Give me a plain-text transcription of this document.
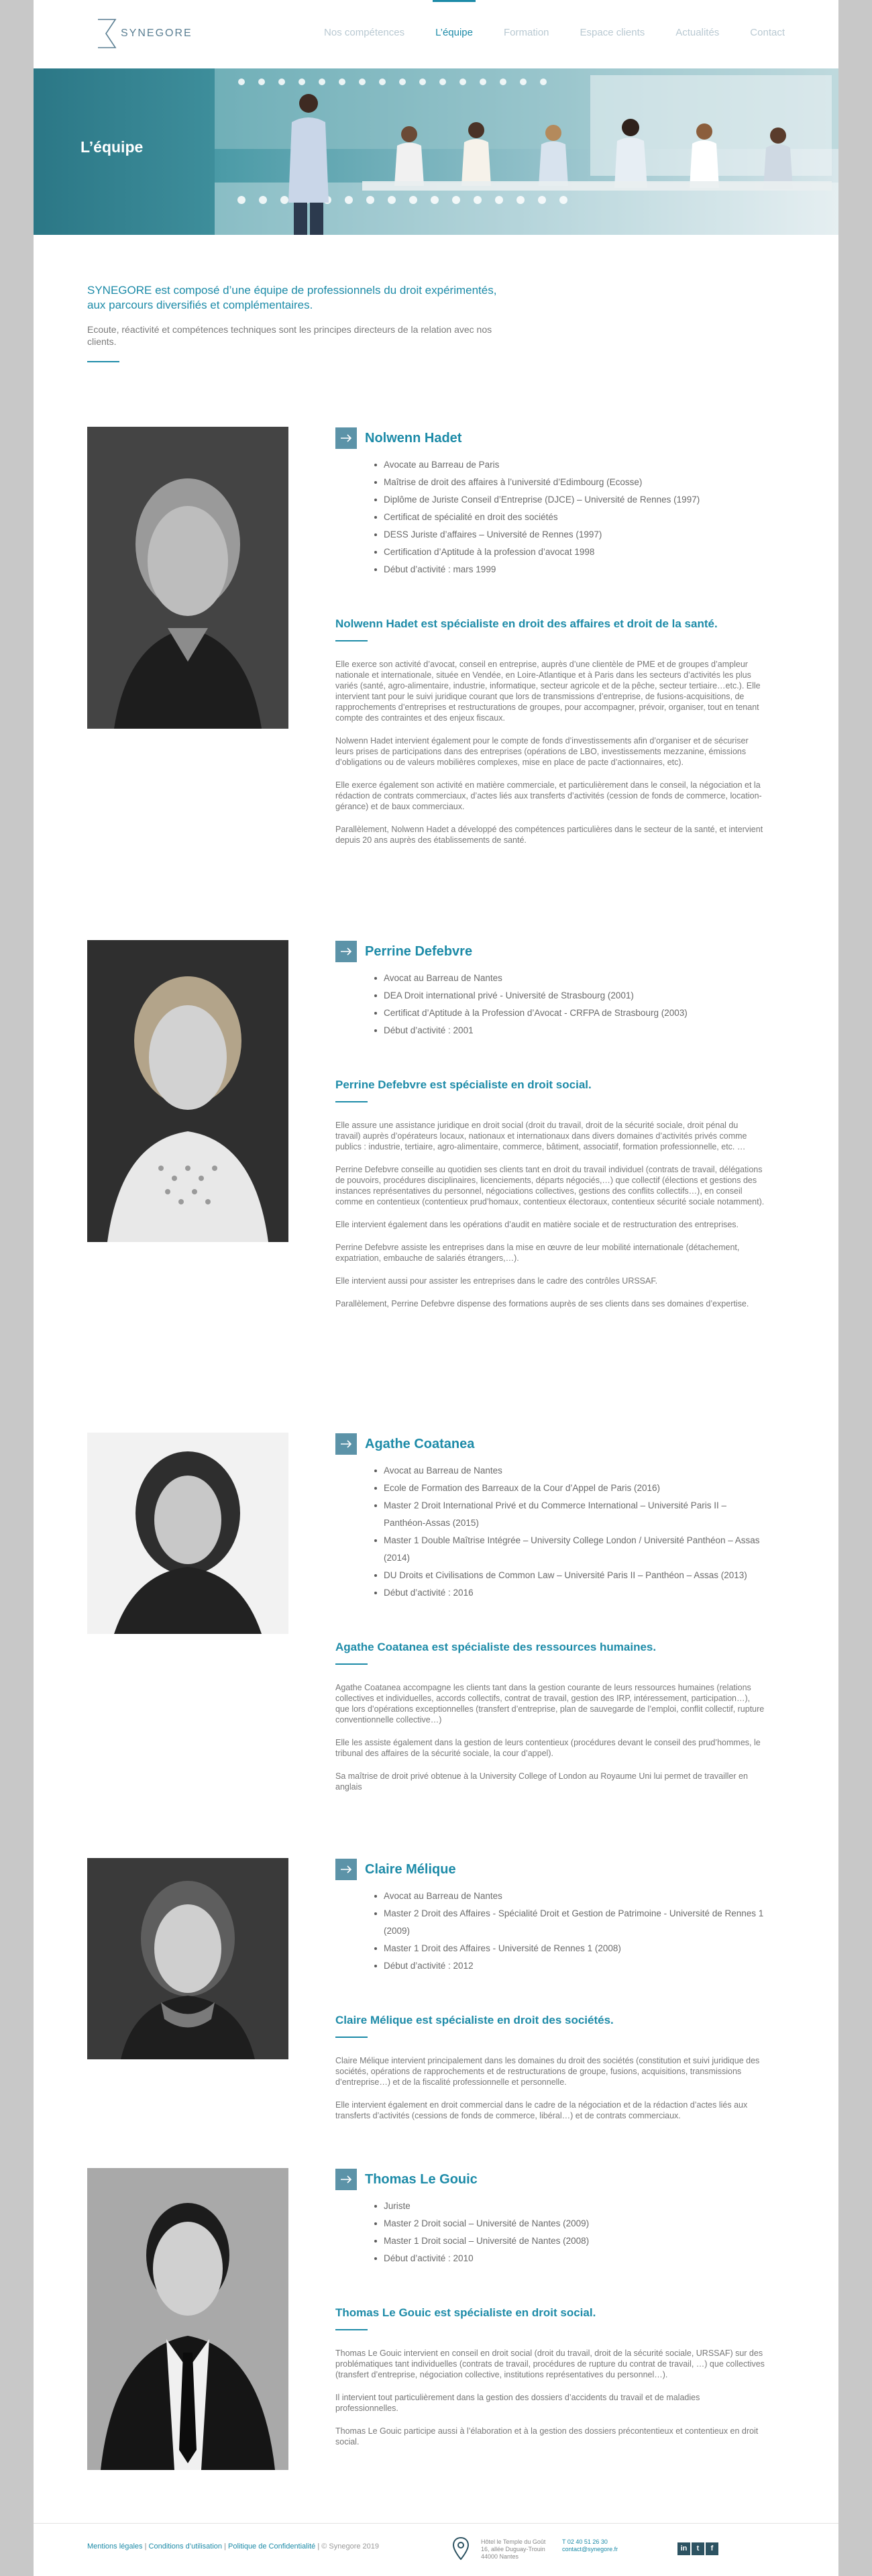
SYNEGORE	Nos compétences	L’équipe	Formation	Espace clients	Actualités	Contact
L’équipe

SYNEGORE est composé d’une équipe de professionnels du droit expérimentés, aux parcours diversifiés et complémentaires.

Ecoute, réactivité et compétences techniques sont les principes directeurs de la relation avec nos clients.

Nolwenn Hadet
Avocate au Barreau de Paris
Maîtrise de droit des affaires à l’université d’Edimbourg (Ecosse)
Diplôme de Juriste Conseil d’Entreprise (DJCE) – Université de Rennes (1997)
Certificat de spécialité en droit des sociétés
DESS Juriste d’affaires – Université de Rennes (1997)
Certification d’Aptitude à la profession d’avocat 1998
Début d’activité : mars 1999
Nolwenn Hadet est spécialiste en droit des affaires et droit de la santé.

Elle exerce son activité d’avocat, conseil en entreprise, auprès d’une clientèle de PME et de groupes d’ampleur nationale et internationale, située en Vendée, en Loire-Atlantique et à Paris dans les secteurs d’activités les plus variés (santé, agro-alimentaire, industrie, informatique, secteur agricole et de la pêche, secteur tertiaire…etc.). Elle intervient tant pour le suivi juridique courant que lors de transmissions d’entreprise, de fusions-acquisitions, de rapprochements d’entreprises et restructurations de groupes, pour accompagner, prévoir, organiser, tout en tenant compte des contraintes et des enjeux fiscaux.

Nolwenn Hadet intervient également pour le compte de fonds d’investissements afin d’organiser et de sécuriser leurs prises de participations dans des entreprises (opérations de LBO, investissements mezzanine, émissions d’obligations ou de valeurs mobilières complexes, mise en place de pacte d’actionnaires, etc).

Elle exerce également son activité en matière commerciale, et particulièrement dans le conseil, la négociation et la rédaction de contrats commerciaux, d’actes liés aux transferts d’activités (cession de fonds de commerce, location-gérance) et de baux commerciaux.

Parallèlement, Nolwenn Hadet a développé des compétences particulières dans le secteur de la santé, et intervient depuis 20 ans auprès des établissements de santé.

Perrine Defebvre
Avocat au Barreau de Nantes
DEA Droit international privé - Université de Strasbourg (2001)
Certificat d’Aptitude à la Profession d’Avocat - CRFPA de Strasbourg (2003)
Début d’activité : 2001
Perrine Defebvre est spécialiste en droit social.

Elle assure une assistance juridique en droit social (droit du travail, droit de la sécurité sociale, droit pénal du travail) auprès d’opérateurs locaux, nationaux et internationaux dans divers domaines d’activités privés comme publics : industrie, tertiaire, agro-alimentaire, commerce, bâtiment, associatif, formation professionnelle, etc. …

Perrine Defebvre conseille au quotidien ses clients tant en droit du travail individuel (contrats de travail, délégations de pouvoirs, procédures disciplinaires, licenciements, départs négociés,…) que collectif (élections et gestions des instances représentatives du personnel, négociations collectives, gestions des conflits collectifs…), en conseil comme en contentieux (contentieux prud’homaux, contentieux électoraux, contentieux sécurité sociale notamment).

Elle intervient également dans les opérations d’audit en matière sociale et de restructuration des entreprises.

Perrine Defebvre assiste les entreprises dans la mise en œuvre de leur mobilité internationale (détachement, expatriation, embauche de salariés étrangers,…).

Elle intervient aussi pour assister les entreprises dans le cadre des contrôles URSSAF.

Parallèlement, Perrine Defebvre dispense des formations auprès de ses clients dans ses domaines d’expertise.

Agathe Coatanea
Avocat au Barreau de Nantes
Ecole de Formation des Barreaux de la Cour d’Appel de Paris (2016)
Master 2 Droit International Privé et du Commerce International – Université Paris II – Panthéon-Assas (2015)
Master 1 Double Maîtrise Intégrée – University College London / Université Panthéon – Assas (2014)
DU Droits et Civilisations de Common Law – Université Paris II – Panthéon – Assas (2013)
Début d’activité : 2016
Agathe Coatanea est spécialiste des ressources humaines.

Agathe Coatanea accompagne les clients tant dans la gestion courante de leurs ressources humaines (relations collectives et individuelles, accords collectifs, contrat de travail, gestion des IRP, intéressement, participation…), que lors d’opérations exceptionnelles (transfert d’entreprise, plan de sauvegarde de l’emploi, conflit collectif, rupture conventionnelle collective…)

Elle les assiste également dans la gestion de leurs contentieux (procédures devant le conseil des prud’hommes, le tribunal des affaires de la sécurité sociale, la cour d’appel).

Sa maîtrise de droit privé obtenue à la University College of London au Royaume Uni lui permet de travailler en anglais

Claire Mélique
Avocat au Barreau de Nantes
Master 2 Droit des Affaires - Spécialité Droit et Gestion de Patrimoine - Université de Rennes 1 (2009)
Master 1 Droit des Affaires - Université de Rennes 1 (2008)
Début d’activité : 2012
Claire Mélique est spécialiste en droit des sociétés.

Claire Mélique intervient principalement dans les domaines du droit des sociétés (constitution et suivi juridique des sociétés, opérations de rapprochements et de restructurations de groupe, fusions, acquisitions, transmissions d’entreprise…) et de la fiscalité professionnelle et personnelle.

Elle intervient également en droit commercial dans le cadre de la négociation et de la rédaction d’actes liés aux transferts d’activités (cessions de fonds de commerce, libéral…) et de contrats commerciaux.

Thomas Le Gouic
Juriste
Master 2 Droit social – Université de Nantes (2009)
Master 1 Droit social – Université de Nantes (2008)
Début d’activité : 2010
Thomas Le Gouic est spécialiste en droit social.

Thomas Le Gouic intervient en conseil en droit social (droit du travail, droit de la sécurité sociale, URSSAF) sur des problématiques tant individuelles (contrats de travail, procédures de rupture du contrat de travail, …) que collectives (transfert d’entreprise, négociation collective, institutions représentatives du personnel…).

Il intervient tout particulièrement dans la gestion des dossiers d’accidents du travail et de maladies professionnelles.

Thomas Le Gouic participe aussi à l’élaboration et à la gestion des dossiers précontentieux et contentieux en droit social.

Mentions légales | Conditions d’utilisation | Politique de Confidentialité | © Synegore 2019
Hôtel le Temple du Goût
16, allée Duguay-Trouin
44000 Nantes
T 02 40 51 26 30
contact@synegore.fr	in	t	f
